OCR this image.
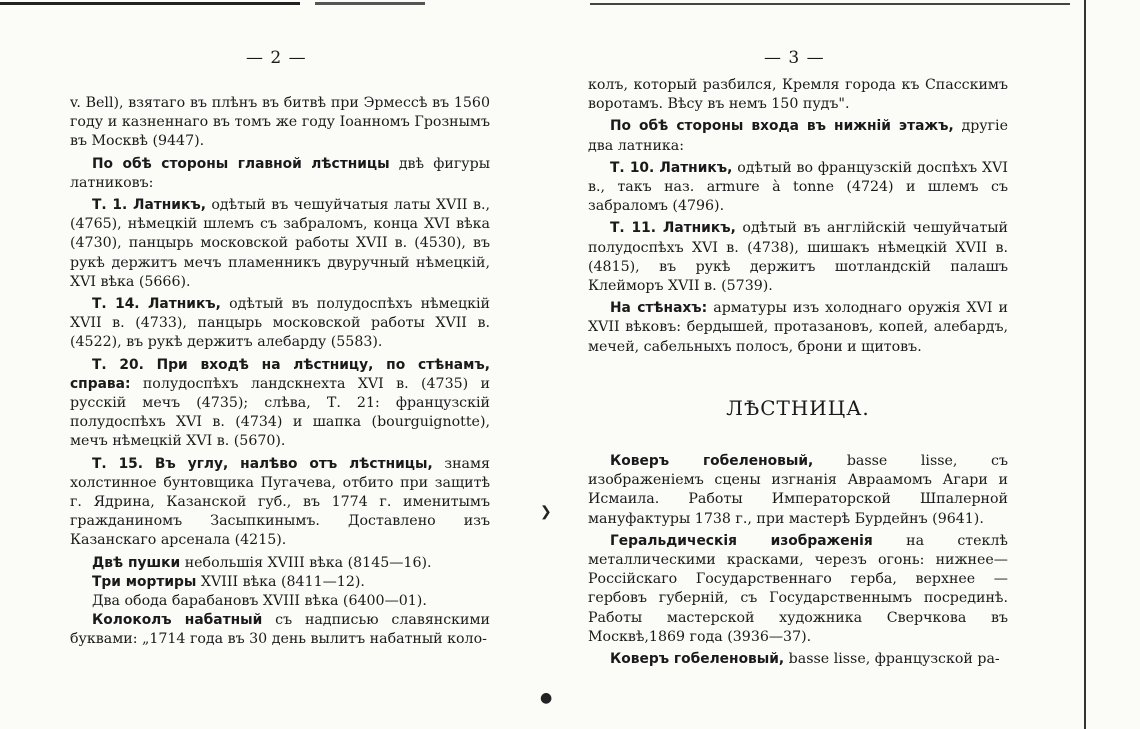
❯
●
— 2 —

v. Bell), взятаго въ плѣнъ въ битвѣ при Эрмессѣ въ 1560 году и казненнаго въ томъ же году Іоанномъ Грознымъ въ Москвѣ (9447).

По обѣ стороны главной лѣстницы двѣ фигуры латниковъ:

Т. 1. Латникъ, одѣтый въ чешуйчатыя латы XVII в., (4765), нѣмецкій шлемъ съ забраломъ, конца XVI вѣка (4730), панцырь московской работы XVII в. (4530), въ рукѣ держитъ мечъ пламенникъ двуручный нѣмецкій, XVI вѣка (5666).

Т. 14. Латникъ, одѣтый въ полудоспѣхъ нѣмецкій XVII в. (4733), панцырь московской работы XVII в. (4522), въ рукѣ держитъ алебарду (5583).

Т. 20. При входѣ на лѣстницу, по стѣнамъ, справа: полудоспѣхъ ландскнехта XVI в. (4735) и русскій мечъ (4735); слѣва, Т. 21: французскій полудоспѣхъ XVI в. (4734) и шапка (bourguignotte), мечъ нѣмецкій XVI в. (5670).

Т. 15. Въ углу, налѣво отъ лѣстницы, знамя холстинное бунтовщика Пугачева, отбито при защитѣ г. Ядрина, Казанской губ., въ 1774 г. именитымъ гражданиномъ Засыпкинымъ. Доставлено изъ Казанскаго арсенала (4215).

Двѣ пушки небольшія XVIII вѣка (8145—16).

Три мортиры XVIII вѣка (8411—12).

Два обода барабановъ XVIII вѣка (6400—01).

Колоколъ набатный съ надписью славянскими буквами: „1714 года въ 30 день вылитъ набатный коло-

— 3 —

колъ, который разбился, Кремля города къ Спасскимъ воротамъ. Вѣсу въ немъ 150 пудъ".

По обѣ стороны входа въ нижній этажъ, другіе два латника:

Т. 10. Латникъ, одѣтый во французскій доспѣхъ XVI в., такъ наз. armure à tonne (4724) и шлемъ съ забраломъ (4796).

Т. 11. Латникъ, одѣтый въ англійскій чешуйчатый полудоспѣхъ XVI в. (4738), шишакъ нѣмецкій XVII в. (4815), въ рукѣ держитъ шотландскій палашъ Клейморъ XVII в. (5739).

На стѣнахъ: арматуры изъ холоднаго оружія XVI и XVII вѣковъ: бердышей, протазановъ, копей, алебардъ, мечей, сабельныхъ полосъ, брони и щитовъ.

ЛѢСТНИЦА.

Коверъ гобеленовый, basse lisse, съ изображеніемъ сцены изгнанія Авраамомъ Агари и Исмаила. Работы Императорской Шпалерной мануфактуры 1738 г., при мастерѣ Бурдейнъ (9641).

Геральдическія изображенія на стеклѣ металлическими красками, черезъ огонь: нижнее—Россійскаго Государственнаго герба, верхнее — гербовъ губерній, съ Государственнымъ посрединѣ. Работы мастерской художника Сверчкова въ Москвѣ,1869 года (3936—37).

Коверъ гобеленовый, basse lisse, французской ра-
